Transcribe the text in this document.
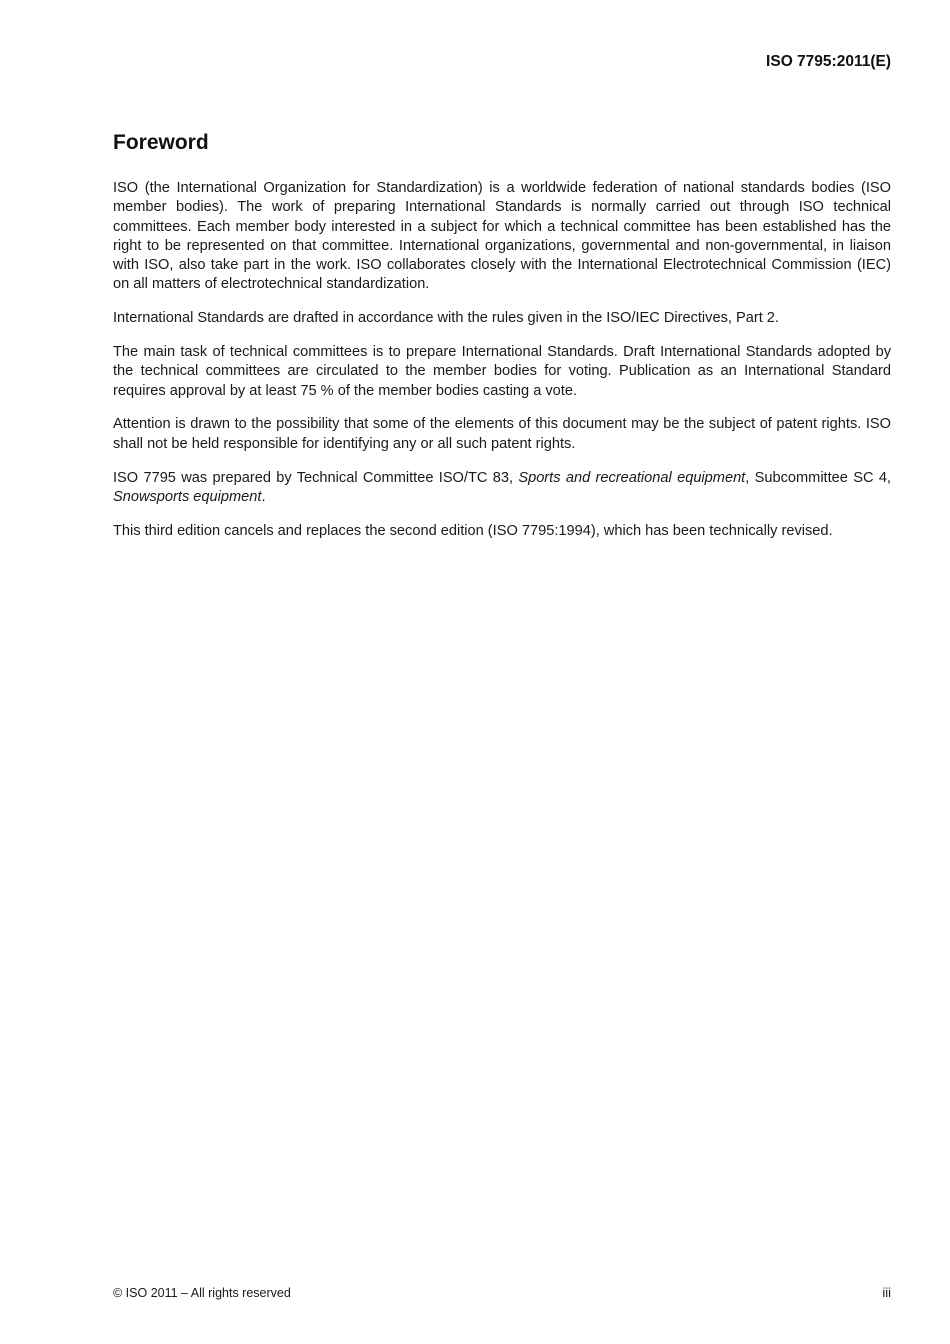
ISO 7795:2011(E)
Foreword

ISO (the International Organization for Standardization) is a worldwide federation of national standards bodies (ISO member bodies). The work of preparing International Standards is normally carried out through ISO technical committees. Each member body interested in a subject for which a technical committee has been established has the right to be represented on that committee. International organizations, governmental and non-governmental, in liaison with ISO, also take part in the work. ISO collaborates closely with the International Electrotechnical Commission (IEC) on all matters of electrotechnical standardization.

International Standards are drafted in accordance with the rules given in the ISO/IEC Directives, Part 2.

The main task of technical committees is to prepare International Standards. Draft International Standards adopted by the technical committees are circulated to the member bodies for voting. Publication as an International Standard requires approval by at least 75 % of the member bodies casting a vote.

Attention is drawn to the possibility that some of the elements of this document may be the subject of patent rights. ISO shall not be held responsible for identifying any or all such patent rights.

ISO 7795 was prepared by Technical Committee ISO/TC 83, Sports and recreational equipment, Subcommittee SC 4, Snowsports equipment.

This third edition cancels and replaces the second edition (ISO 7795:1994), which has been technically revised.

© ISO 2011 – All rights reserved	iii
